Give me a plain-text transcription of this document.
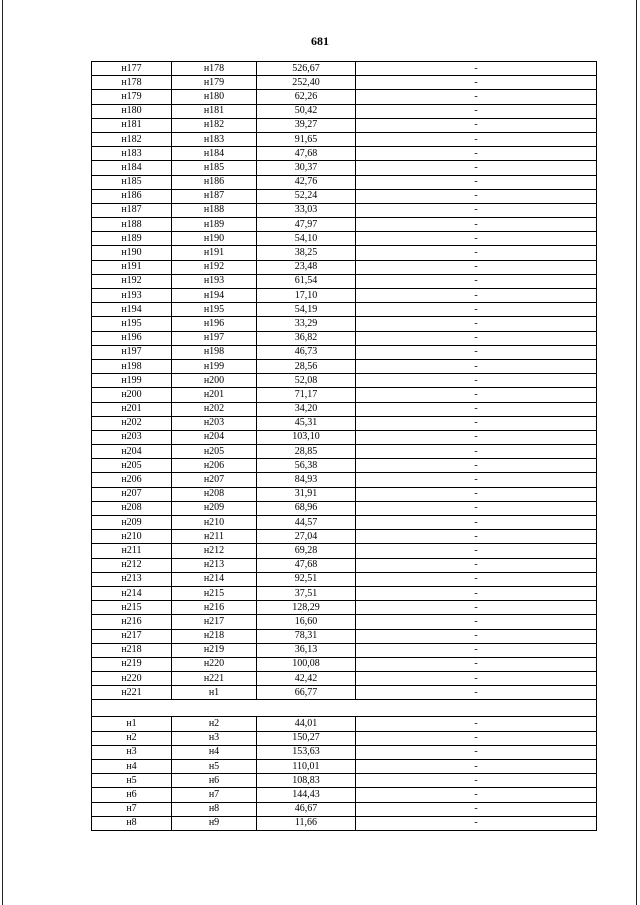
681
н177	н178	526,67	-
н178	н179	252,40	-
н179	н180	62,26	-
н180	н181	50,42	-
н181	н182	39,27	-
н182	н183	91,65	-
н183	н184	47,68	-
н184	н185	30,37	-
н185	н186	42,76	-
н186	н187	52,24	-
н187	н188	33,03	-
н188	н189	47,97	-
н189	н190	54,10	-
н190	н191	38,25	-
н191	н192	23,48	-
н192	н193	61,54	-
н193	н194	17,10	-
н194	н195	54,19	-
н195	н196	33,29	-
н196	н197	36,82	-
н197	н198	46,73	-
н198	н199	28,56	-
н199	н200	52,08	-
н200	н201	71,17	-
н201	н202	34,20	-
н202	н203	45,31	-
н203	н204	103,10	-
н204	н205	28,85	-
н205	н206	56,38	-
н206	н207	84,93	-
н207	н208	31,91	-
н208	н209	68,96	-
н209	н210	44,57	-
н210	н211	27,04	-
н211	н212	69,28	-
н212	н213	47,68	-
н213	н214	92,51	-
н214	н215	37,51	-
н215	н216	128,29	-
н216	н217	16,60	-
н217	н218	78,31	-
н218	н219	36,13	-
н219	н220	100,08	-
н220	н221	42,42	-
н221	н1	66,77	-

н1	н2	44,01	-
н2	н3	150,27	-
н3	н4	153,63	-
н4	н5	110,01	-
н5	н6	108,83	-
н6	н7	144,43	-
н7	н8	46,67	-
н8	н9	11,66	-
